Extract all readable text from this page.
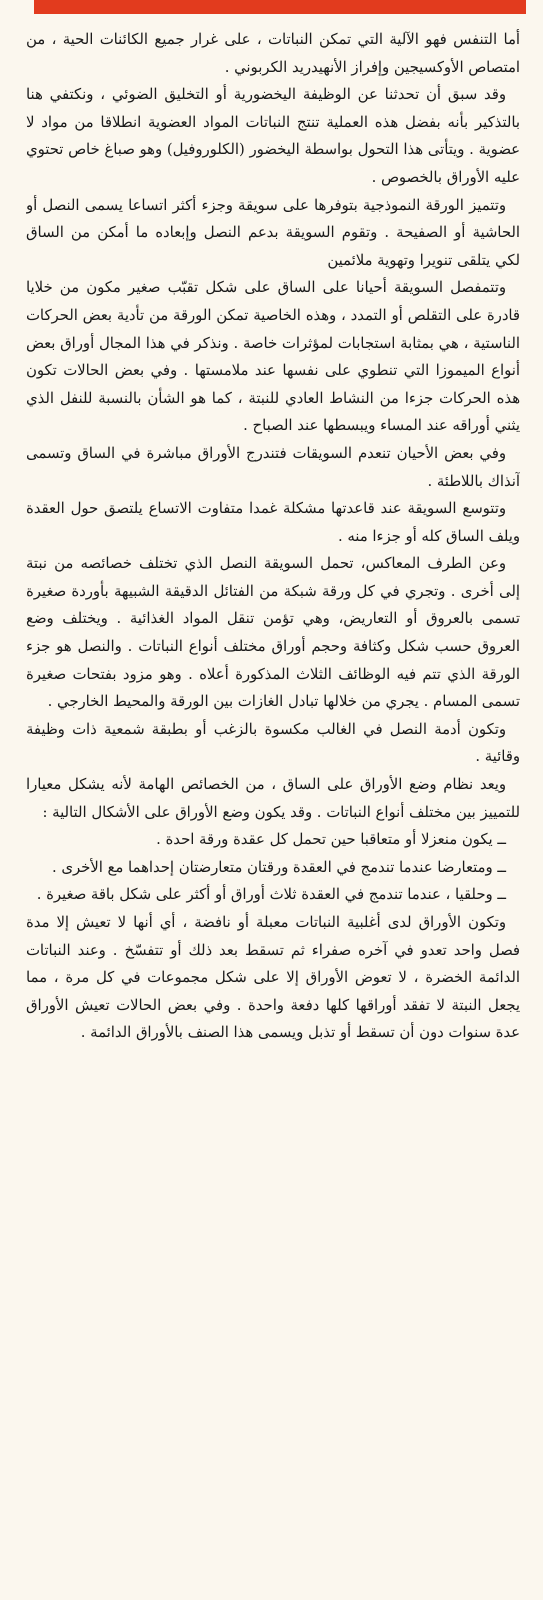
أما التنفس فهو الآلية التي تمكن النباتات ، على غرار جميع الكائنات الحية ، من امتصاص الأوكسيجين وإفراز الأنهيدريد الكربوني .

وقد سبق أن تحدثنا عن الوظيفة اليخضورية أو التخليق الضوئي ، ونكتفي هنا بالتذكير بأنه بفضل هذه العملية تنتج النباتات المواد العضوية انطلاقا من مواد لا عضوية . ويتأتى هذا التحول بواسطة اليخضور (الكلوروفيل) وهو صباغ خاص تحتوي عليه الأوراق بالخصوص .

وتتميز الورقة النموذجية بتوفرها على سويقة وجزء أكثر اتساعا يسمى النصل أو الحاشية أو الصفيحة . وتقوم السويقة بدعم النصل وإبعاده ما أمكن من الساق لكي يتلقى تنويرا وتهوية ملائمين

وتتمفصل السويقة أحيانا على الساق على شكل تقبّب صغير مكون من خلايا قادرة على التقلص أو التمدد ، وهذه الخاصية تمكن الورقة من تأدية بعض الحركات الناستية ، هي بمثابة استجابات لمؤثرات خاصة . ونذكر في هذا المجال أوراق بعض أنواع الميموزا التي تنطوي على نفسها عند ملامستها . وفي بعض الحالات تكون هذه الحركات جزءا من النشاط العادي للنبتة ، كما هو الشأن بالنسبة للنفل الذي يثني أوراقه عند المساء ويبسطها عند الصباح .

وفي بعض الأحيان تنعدم السويقات فتندرج الأوراق مباشرة في الساق وتسمى آنذاك باللاطئة .

وتتوسع السويقة عند قاعدتها مشكلة غمدا متفاوت الاتساع يلتصق حول العقدة ويلف الساق كله أو جزءا منه .

وعن الطرف المعاكس، تحمل السويقة النصل الذي تختلف خصائصه من نبتة إلى أخرى . وتجري في كل ورقة شبكة من الفتائل الدقيقة الشبيهة بأوردة صغيرة تسمى بالعروق أو التعاريض، وهي تؤمن تنقل المواد الغذائية . ويختلف وضع العروق حسب شكل وكثافة وحجم أوراق مختلف أنواع النباتات . والنصل هو جزء الورقة الذي تتم فيه الوظائف الثلاث المذكورة أعلاه . وهو مزود بفتحات صغيرة تسمى المسام . يجري من خلالها تبادل الغازات بين الورقة والمحيط الخارجي .

وتكون أدمة النصل في الغالب مكسوة بالزغب أو بطبقة شمعية ذات وظيفة وقائية .

ويعد نظام وضع الأوراق على الساق ، من الخصائص الهامة لأنه يشكل معيارا للتمييز بين مختلف أنواع النباتات . وقد يكون وضع الأوراق على الأشكال التالية :

ــ يكون منعزلا أو متعاقبا حين تحمل كل عقدة ورقة احدة .

ــ ومتعارضا عندما تندمج في العقدة ورقتان متعارضتان إحداهما مع الأخرى .

ــ وحلقيا ، عندما تندمج في العقدة ثلاث أوراق أو أكثر على شكل باقة صغيرة .

وتكون الأوراق لدى أغلبية النباتات معبلة أو نافضة ، أي أنها لا تعيش إلا مدة فصل واحد تعدو في آخره صفراء ثم تسقط بعد ذلك أو تتفسّخ . وعند النباتات الدائمة الخضرة ، لا تعوض الأوراق إلا على شكل مجموعات في كل مرة ، مما يجعل النبتة لا تفقد أوراقها كلها دفعة واحدة . وفي بعض الحالات تعيش الأوراق عدة سنوات دون أن تسقط أو تذبل ويسمى هذا الصنف بالأوراق الدائمة .
